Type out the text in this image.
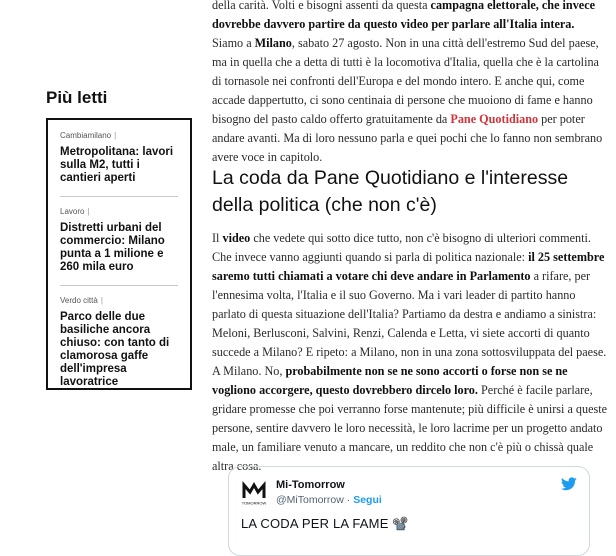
Più letti
Cambiamilano |
Metropolitana: lavori sulla M2, tutti i cantieri aperti
Lavoro |
Distretti urbani del commercio: Milano punta a 1 milione e 260 mila euro
Verdo città |
Parco delle due basiliche ancora chiuso: con tanto di clamorosa gaffe dell'impresa lavoratrice

della carità. Volti e bisogni assenti da questa campagna elettorale, che invece dovrebbe davvero partire da questo video per parlare all'Italia intera. Siamo a Milano, sabato 27 agosto. Non in una città dell'estremo Sud del paese, ma in quella che a detta di tutti è la locomotiva d'Italia, quella che è la cartolina di tornasole nei confronti dell'Europa e del mondo intero. E anche qui, come accade dappertutto, ci sono centinaia di persone che muoiono di fame e hanno bisogno del pasto caldo offerto gratuitamente da Pane Quotidiano per poter andare avanti. Ma di loro nessuno parla e quei pochi che lo fanno non sembrano avere voce in capitolo.

La coda da Pane Quotidiano e l'interesse della politica (che non c'è)

Il video che vedete qui sotto dice tutto, non c'è bisogno di ulteriori commenti. Che invece vanno aggiunti quando si parla di politica nazionale: il 25 settembre saremo tutti chiamati a votare chi deve andare in Parlamento a rifare, per l'ennesima volta, l'Italia e il suo Governo. Ma i vari leader di partito hanno parlato di questa situazione dell'Italia? Partiamo da destra e andiamo a sinistra: Meloni, Berlusconi, Salvini, Renzi, Calenda e Letta, vi siete accorti di quanto succede a Milano? E ripeto: a Milano, non in una zona sottosviluppata del paese. A Milano. No, probabilmente non se ne sono accorti o forse non se ne vogliono accorgere, questo dovrebbero dircelo loro. Perché è facile parlare, gridare promesse che poi verranno forse mantenute; più difficile è unirsi a queste persone, sentire davvero le loro necessità, le loro lacrime per un progetto andato male, un familiare venuto a mancare, un reddito che non c'è più o chissà quale altra cosa.

TOMORROW
Mi-Tomorrow
@MiTomorrow · Segui
LA CODA PER LA FAME 📽️
